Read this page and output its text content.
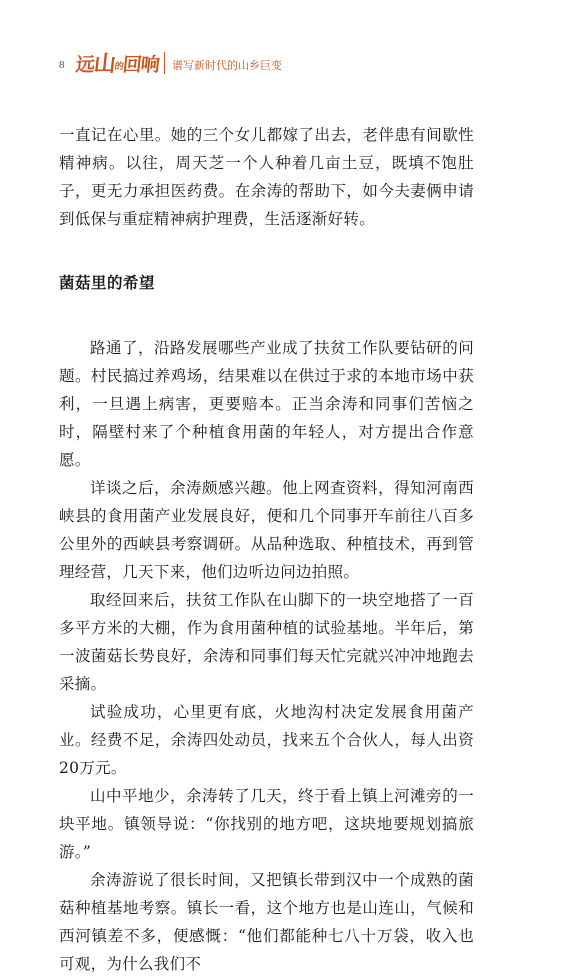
8 远山的回响 谱写新时代的山乡巨变

一直记在心里。她的三个女儿都嫁了出去，老伴患有间歇性精神病。以往，周天芝一个人种着几亩土豆，既填不饱肚子，更无力承担医药费。在余涛的帮助下，如今夫妻俩申请到低保与重症精神病护理费，生活逐渐好转。

菌菇里的希望

路通了，沿路发展哪些产业成了扶贫工作队要钻研的问题。村民搞过养鸡场，结果难以在供过于求的本地市场中获利，一旦遇上病害，更要赔本。正当余涛和同事们苦恼之时，隔壁村来了个种植食用菌的年轻人，对方提出合作意愿。

详谈之后，余涛颇感兴趣。他上网查资料，得知河南西峡县的食用菌产业发展良好，便和几个同事开车前往八百多公里外的西峡县考察调研。从品种选取、种植技术，再到管理经营，几天下来，他们边听边问边拍照。

取经回来后，扶贫工作队在山脚下的一块空地搭了一百多平方米的大棚，作为食用菌种植的试验基地。半年后，第一波菌菇长势良好，余涛和同事们每天忙完就兴冲冲地跑去采摘。

试验成功，心里更有底，火地沟村决定发展食用菌产业。经费不足，余涛四处动员，找来五个合伙人，每人出资20万元。

山中平地少，余涛转了几天，终于看上镇上河滩旁的一块平地。镇领导说：“你找别的地方吧，这块地要规划搞旅游。”

余涛游说了很长时间，又把镇长带到汉中一个成熟的菌菇种植基地考察。镇长一看，这个地方也是山连山，气候和西河镇差不多，便感慨：“他们都能种七八十万袋，收入也可观，为什么我们不
